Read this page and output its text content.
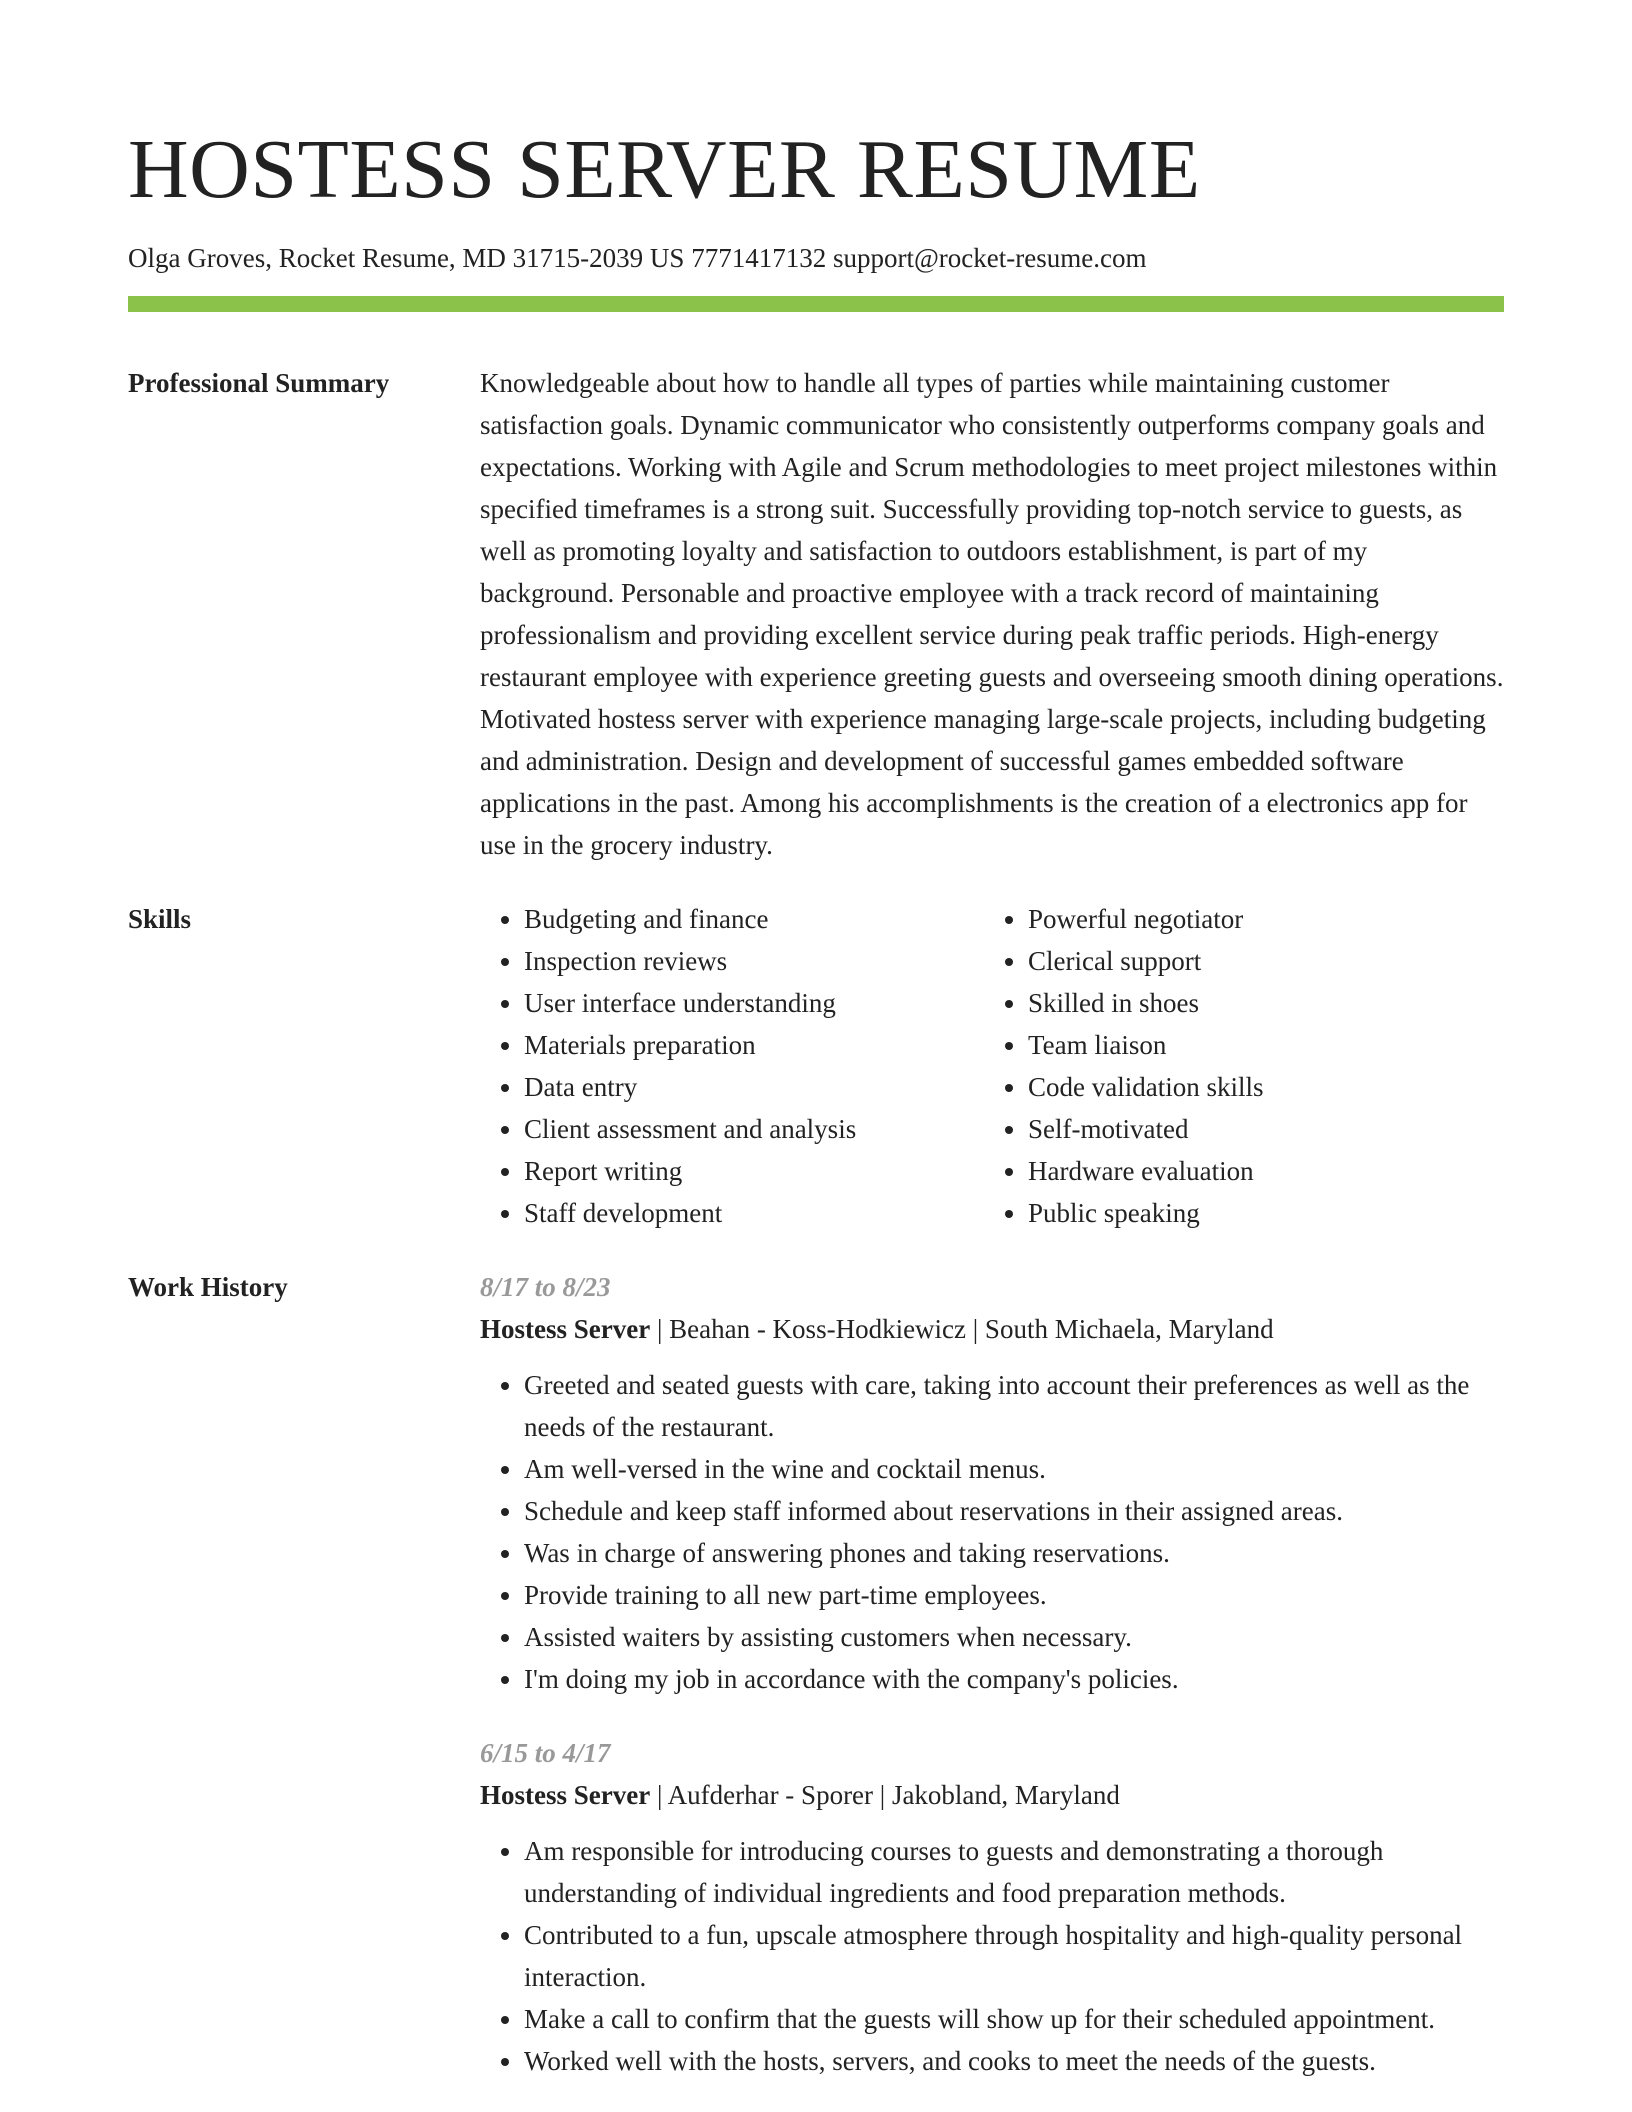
HOSTESS SERVER RESUME
Olga Groves, Rocket Resume, MD 31715-2039 US 7771417132 support@rocket-resume.com
Professional Summary	Knowledgeable about how to handle all types of parties while maintaining customer satisfaction goals. Dynamic communicator who consistently outperforms company goals and expectations. Working with Agile and Scrum methodologies to meet project milestones within specified timeframes is a strong suit. Successfully providing top-notch service to guests, as well as promoting loyalty and satisfaction to outdoors establishment, is part of my background. Personable and proactive employee with a track record of maintaining professionalism and providing excellent service during peak traffic periods. High-energy restaurant employee with experience greeting guests and overseeing smooth dining operations. Motivated hostess server with experience managing large-scale projects, including budgeting and administration. Design and development of successful games embedded software applications in the past. Among his accomplishments is the creation of a electronics app for use in the grocery industry.

Skills
•	Budgeting and finance
• Inspection reviews
• User interface understanding
• Materials preparation
• Data entry
• Client assessment and analysis
• Report writing
• Staff development
• Powerful negotiator
• Clerical support
• Skilled in shoes
• Team liaison
• Code validation skills
• Self-motivated
• Hardware evaluation
• Public speaking
Work History	8/17 to 8/23
Hostess Server | Beahan - Koss-Hodkiewicz | South Michaela, Maryland
• Greeted and seated guests with care, taking into account their preferences as well as the needs of the restaurant.
• Am well-versed in the wine and cocktail menus.
• Schedule and keep staff informed about reservations in their assigned areas.
• Was in charge of answering phones and taking reservations.
• Provide training to all new part-time employees.
• Assisted waiters by assisting customers when necessary.
• I'm doing my job in accordance with the company's policies.
6/15 to 4/17
Hostess Server | Aufderhar - Sporer | Jakobland, Maryland
• Am responsible for introducing courses to guests and demonstrating a thorough understanding of individual ingredients and food preparation methods.
• Contributed to a fun, upscale atmosphere through hospitality and high-quality personal interaction.
• Make a call to confirm that the guests will show up for their scheduled appointment.
• Worked well with the hosts, servers, and cooks to meet the needs of the guests.
